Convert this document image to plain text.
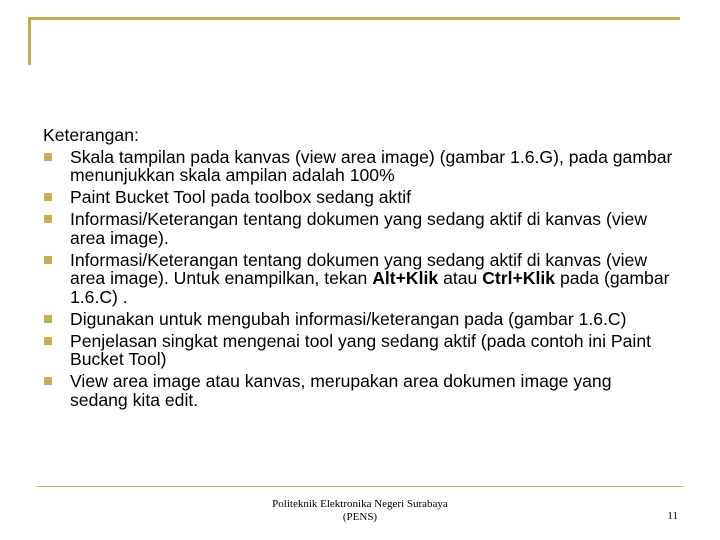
Keterangan:
Skala tampilan pada kanvas (view area image) (gambar 1.6.G), pada gambar menunjukkan skala ampilan adalah 100%
Paint Bucket Tool pada toolbox sedang aktif
Informasi/Keterangan tentang dokumen yang sedang aktif di kanvas (view area image).
Informasi/Keterangan tentang dokumen yang sedang aktif di kanvas (view area image). Untuk enampilkan, tekan Alt+Klik atau Ctrl+Klik pada (gambar 1.6.C) .
Digunakan untuk mengubah informasi/keterangan pada (gambar 1.6.C)
Penjelasan singkat mengenai tool yang sedang aktif (pada contoh ini Paint Bucket Tool)
View area image atau kanvas, merupakan area dokumen image yang sedang kita edit.
Politeknik Elektronika Negeri Surabaya
(PENS)	11
